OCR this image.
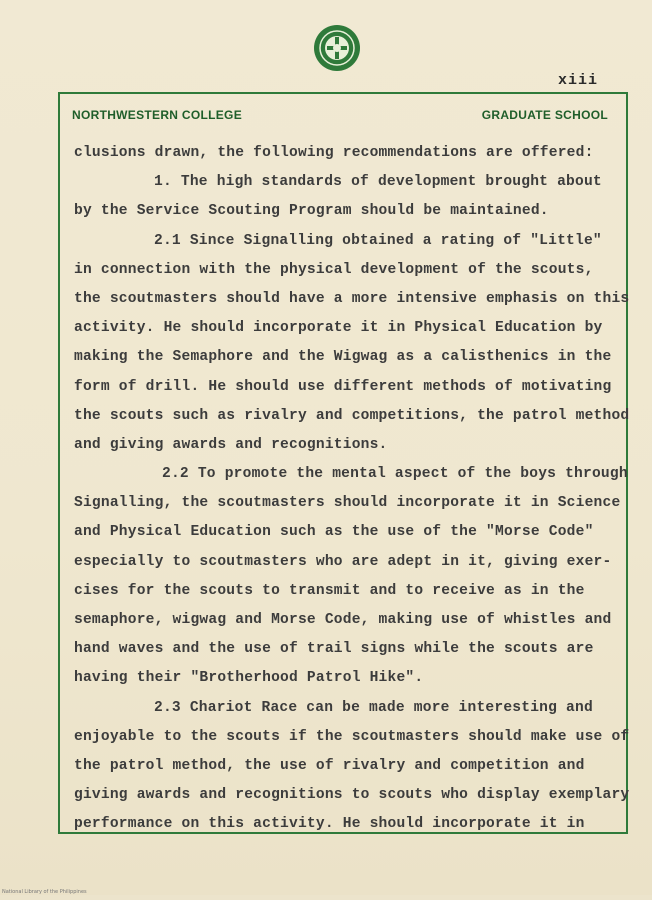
xiii
NORTHWESTERN COLLEGE	GRADUATE SCHOOL
clusions drawn, the following recommendations are offered:
1. The high standards of development brought about
by the Service Scouting Program should be maintained.
2.1 Since Signalling obtained a rating of "Little"
in connection with the physical development of the scouts,
the scoutmasters should have a more intensive emphasis on this
activity. He should incorporate it in Physical Education by
making the Semaphore and the Wigwag as a calisthenics in the
form of drill. He should use different methods of motivating
the scouts such as rivalry and competitions, the patrol method
and giving awards and recognitions.
2.2 To promote the mental aspect of the boys through
Signalling, the scoutmasters should incorporate it in Science
and Physical Education such as the use of the "Morse Code"
especially to scoutmasters who are adept in it, giving exer-
cises for the scouts to transmit and to receive as in the
semaphore, wigwag and Morse Code, making use of whistles and
hand waves and the use of trail signs while the scouts are
having their "Brotherhood Patrol Hike".
2.3 Chariot Race can be made more interesting and
enjoyable to the scouts if the scoutmasters should make use of
the patrol method, the use of rivalry and competition and
giving awards and recognitions to scouts who display exemplary
performance on this activity. He should incorporate it in
National Library of the Philippines
